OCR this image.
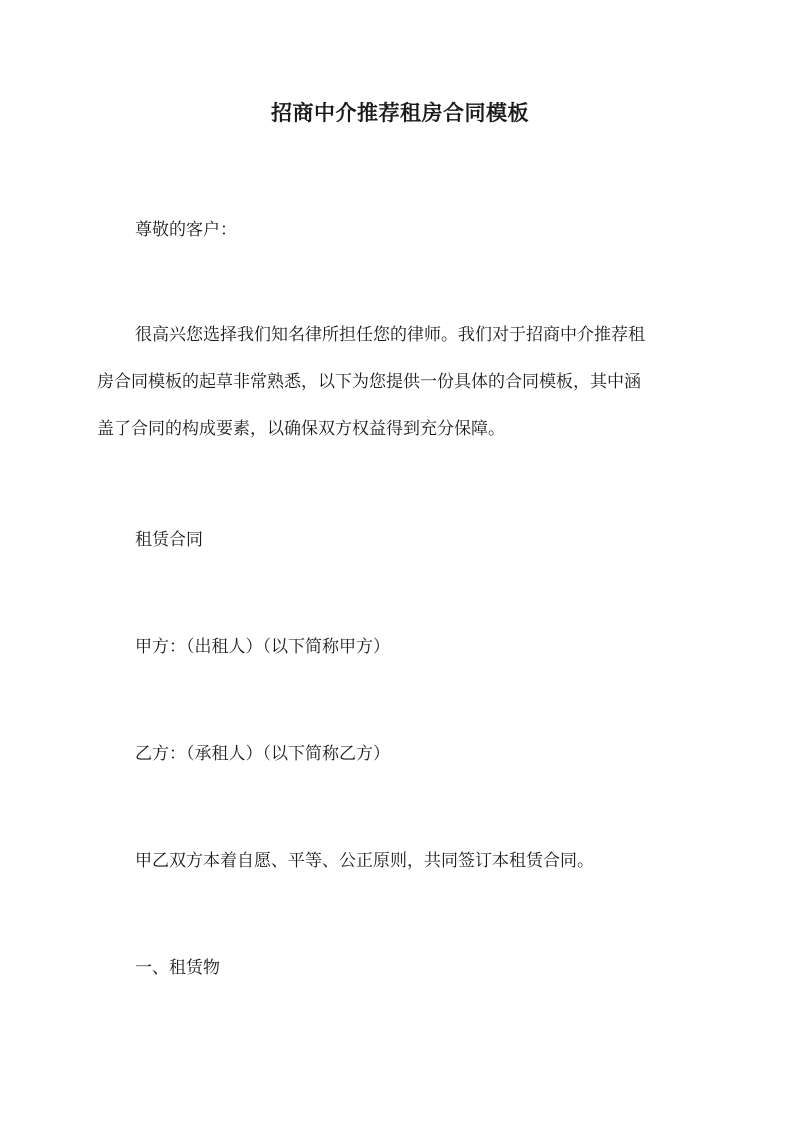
招商中介推荐租房合同模板

尊敬的客户：

很高兴您选择我们知名律所担任您的律师。我们对于招商中介推荐租
房合同模板的起草非常熟悉，以下为您提供一份具体的合同模板，其中涵
盖了合同的构成要素，以确保双方权益得到充分保障。

租赁合同

甲方：（出租人）（以下简称甲方）

乙方：（承租人）（以下简称乙方）

甲乙双方本着自愿、平等、公正原则，共同签订本租赁合同。

一、租赁物
